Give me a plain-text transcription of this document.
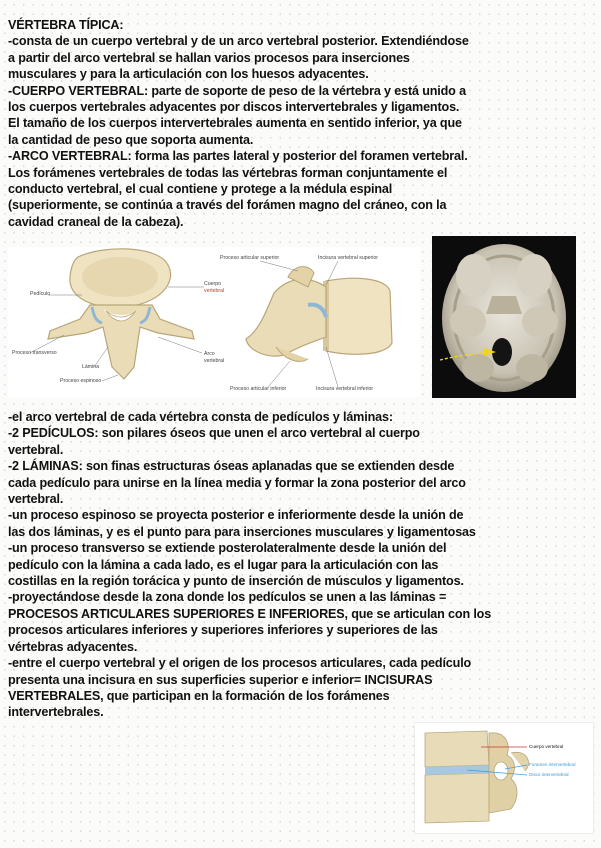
VÉRTEBRA TÍPICA:
-consta de un cuerpo vertebral y de un arco vertebral posterior. Extendiéndose
a partir del arco vertebral se hallan varios procesos para inserciones
musculares y para la articulación con los huesos adyacentes.
-CUERPO VERTEBRAL: parte de soporte de peso de la vértebra y está unido a
los cuerpos vertebrales adyacentes por discos intervertebrales y ligamentos.
El tamaño de los cuerpos intervertebrales aumenta en sentido inferior, ya que
la cantidad de peso que soporta aumenta.
-ARCO VERTEBRAL: forma las partes lateral y posterior del foramen vertebral.
Los forámenes vertebrales de todas las vértebras forman conjuntamente el
conducto vertebral, el cual contiene y protege a la médula espinal
(superiormente, se continúa a través del forámen magno del cráneo, con la
cavidad craneal de la cabeza).
Pedículo
Cuerpo
vertebral
Proceso transverso
Lámina
Proceso espinoso
Arco
vertebral
Proceso articular superior	Incisura vertebral superior
Proceso articular inferior	Incisura vertebral inferior
-el arco vertebral de cada vértebra consta de pedículos y láminas:
-2 PEDÍCULOS: son pilares óseos que unen el arco vertebral al cuerpo
vertebral.
-2 LÁMINAS: son finas estructuras óseas aplanadas que se extienden desde
cada pedículo para unirse en la línea media y formar la zona posterior del arco
vertebral.
-un proceso espinoso se proyecta posterior e inferiormente desde la unión de
las dos láminas, y es el punto para para inserciones musculares y ligamentosas
-un proceso transverso se extiende posterolateralmente desde la unión del
pedículo con la lámina a cada lado, es el lugar para la articulación con las
costillas en la región torácica y punto de inserción de músculos y ligamentos.
-proyectándose desde la zona donde los pedículos se unen a las láminas =
PROCESOS ARTICULARES SUPERIORES E INFERIORES, que se articulan con los
procesos articulares inferiores y superiores inferiores y superiores de las
vértebras adyacentes.
-entre el cuerpo vertebral y el origen de los procesos articulares, cada pedículo
presenta una incisura en sus superficies superior e inferior= INCISURAS
VERTEBRALES, que participan en la formación de los forámenes
intervertebrales.
Cuerpo vertebral
Foramen intervertebral
Disco intervertebral
